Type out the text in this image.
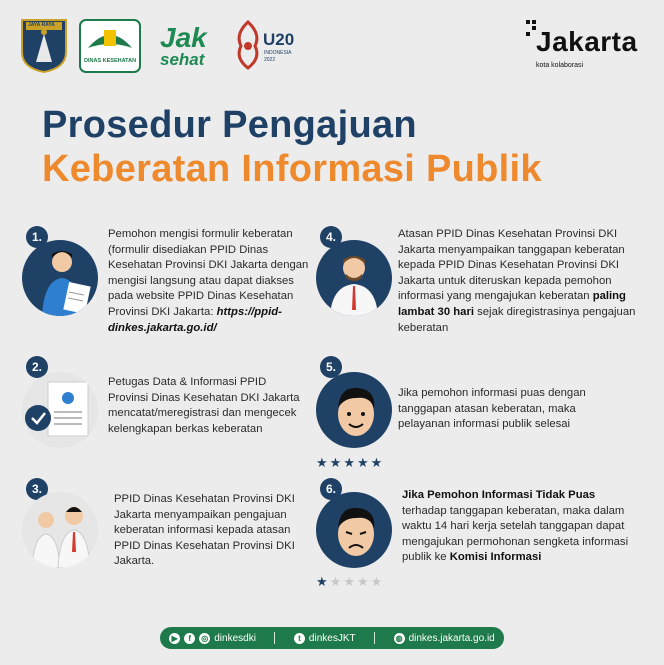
JAYA RAYA
DINAS KESEHATAN
Jak
sehat
U20
INDONESIA
2022
Jakarta
kota kolaborasi
Prosedur Pengajuan
Keberatan Informasi Publik
1.	Pemohon mengisi formulir keberatan (formulir disediakan PPID Dinas Kesehatan Provinsi DKI Jakarta dengan mengisi langsung atau dapat diakses pada website PPID Dinas Kesehatan Provinsi DKI Jakarta: https://ppid-dinkes.jakarta.go.id/
2.
Petugas Data & Informasi PPID Provinsi Dinas Kesehatan DKI Jakarta mencatat/meregistrasi dan mengecek kelengkapan berkas keberatan
3.
PPID Dinas Kesehatan Provinsi DKI Jakarta menyampaikan pengajuan keberatan informasi kepada atasan PPID Dinas Kesehatan Provinsi DKI Jakarta.
4.	Atasan PPID Dinas Kesehatan Provinsi DKI Jakarta menyampaikan tanggapan keberatan kepada PPID Dinas Kesehatan Provinsi DKI Jakarta untuk diteruskan kepada pemohon informasi yang mengajukan keberatan paling lambat 30 hari sejak diregistrasinya pengajuan keberatan
5.
Jika pemohon informasi puas dengan tanggapan atasan keberatan, maka pelayanan informasi publik selesai
★★★★★
6.	Jika Pemohon Informasi Tidak Puas terhadap tanggapan keberatan, maka dalam waktu 14 hari kerja setelah tanggapan dapat mengajukan permohonan sengketa informasi publik ke Komisi Informasi
★★★★★
▶	f	◎ dinkesdki	t dinkesJKT	◍ dinkes.jakarta.go.id
